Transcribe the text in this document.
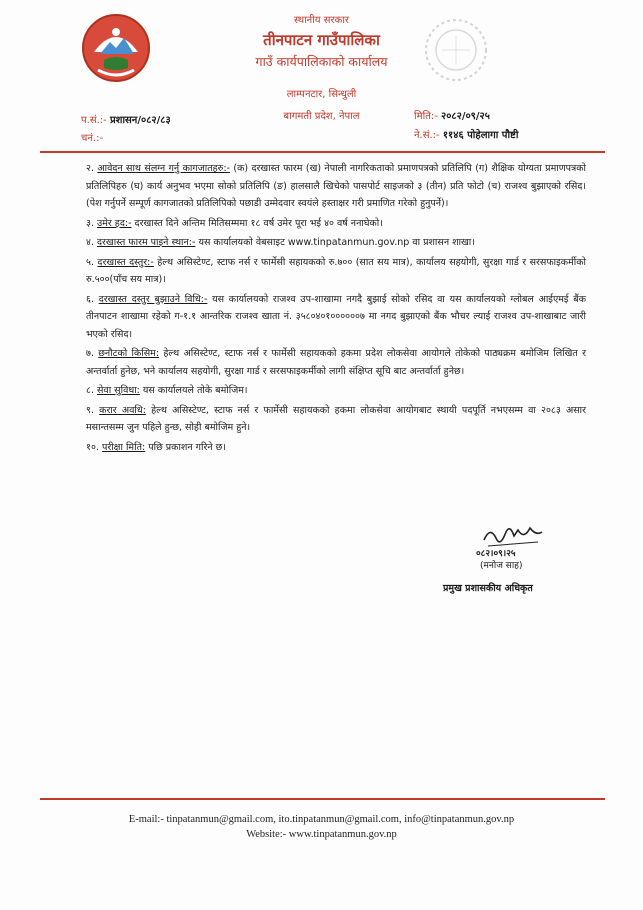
स्थानीय सरकार
तीनपाटन गाउँपालिका
गाउँ कार्यपालिकाको कार्यालय
लाम्पनटार, सिन्धुली
बागमती प्रदेश, नेपाल
प.सं.:- प्रशासन/०८२/८३
चनं.:-
मिति:- २०८२/०९/२५
ने.सं.:- ११४६ पोहेलागा पौष्टी

२. आवेदन साथ संलग्न गर्नु कागजातहरु:- (क) दरखास्त फारम (ख) नेपाली नागरिकताको प्रमाणपत्रको प्रतिलिपि (ग) शैक्षिक योग्यता प्रमाणपत्रको प्रतिलिपिहरु (घ) कार्य अनुभव भएमा सोको प्रतिलिपि (ङ) हालसालै खिचेको पासपोर्ट साइजको ३ (तीन) प्रति फोटो (च) राजश्व बुझाएको रसिद। (पेश गर्नुपर्ने सम्पूर्ण कागजातको प्रतिलिपिको पछाडी उम्मेदवार स्वयंले हस्ताक्षर गरी प्रमाणित गरेको हुनुपर्ने)।

३. उमेर हद:- दरखास्त दिने अन्तिम मितिसम्ममा १८ वर्ष उमेर पूरा भई ४० वर्ष ननाघेको।

४. दरखास्त फारम पाइने स्थान:- यस कार्यालयको वेबसाइट www.tinpatanmun.gov.np वा प्रशासन शाखा।

५. दरखास्त दस्तुर:- हेल्थ असिस्टेण्ट, स्टाफ नर्स र फार्मेसी सहायकको रु.७०० (सात सय मात्र), कार्यालय सहयोगी, सुरक्षा गार्ड र सरसफाइकर्मीको रु.५००(पाँच सय मात्र)।

६. दरखास्त दस्तुर बुझाउने विधि:- यस कार्यालयको राजश्व उप-शाखामा नगदै बुझाई सोको रसिद वा यस कार्यालयको ग्लोबल आईएमई बैंक तीनपाटन शाखामा रहेको ग-१.१ आन्तरिक राजश्व खाता नं. ३५८०४०१००००००७ मा नगद बुझाएको बैंक भौचर ल्याई राजश्व उप-शाखाबाट जारी भएको रसिद।

७. छनौटको किसिम: हेल्थ असिस्टेण्ट, स्टाफ नर्स र फार्मेसी सहायकको हकमा प्रदेश लोकसेवा आयोगले तोकेको पाठ्यक्रम बमोजिम लिखित र अन्तर्वार्ता हुनेछ, भने कार्यालय सहयोगी, सुरक्षा गार्ड र सरसफाइकर्मीको लागी संक्षिप्त सूचि बाट अन्तर्वार्ता हुनेछ।

८. सेवा सुविधा: यस कार्यालयले तोके बमोजिम।

९. करार अवधि: हेल्थ असिस्टेण्ट, स्टाफ नर्स र फार्मेसी सहायकको हकमा लोकसेवा आयोगबाट स्थायी पदपूर्ति नभएसम्म वा २०८३ असार मसान्तसम्म जुन पहिले हुन्छ, सोही बमोजिम हुने।

१०. परीक्षा मिति: पछि प्रकाशन गरिने छ।

०८२।०९।२५
(मनोज साह)
प्रमुख प्रशासकीय अधिकृत
E-mail:- tinpatanmun@gmail.com, ito.tinpatanmun@gmail.com, info@tinpatanmun.gov.np
Website:- www.tinpatanmun.gov.np
